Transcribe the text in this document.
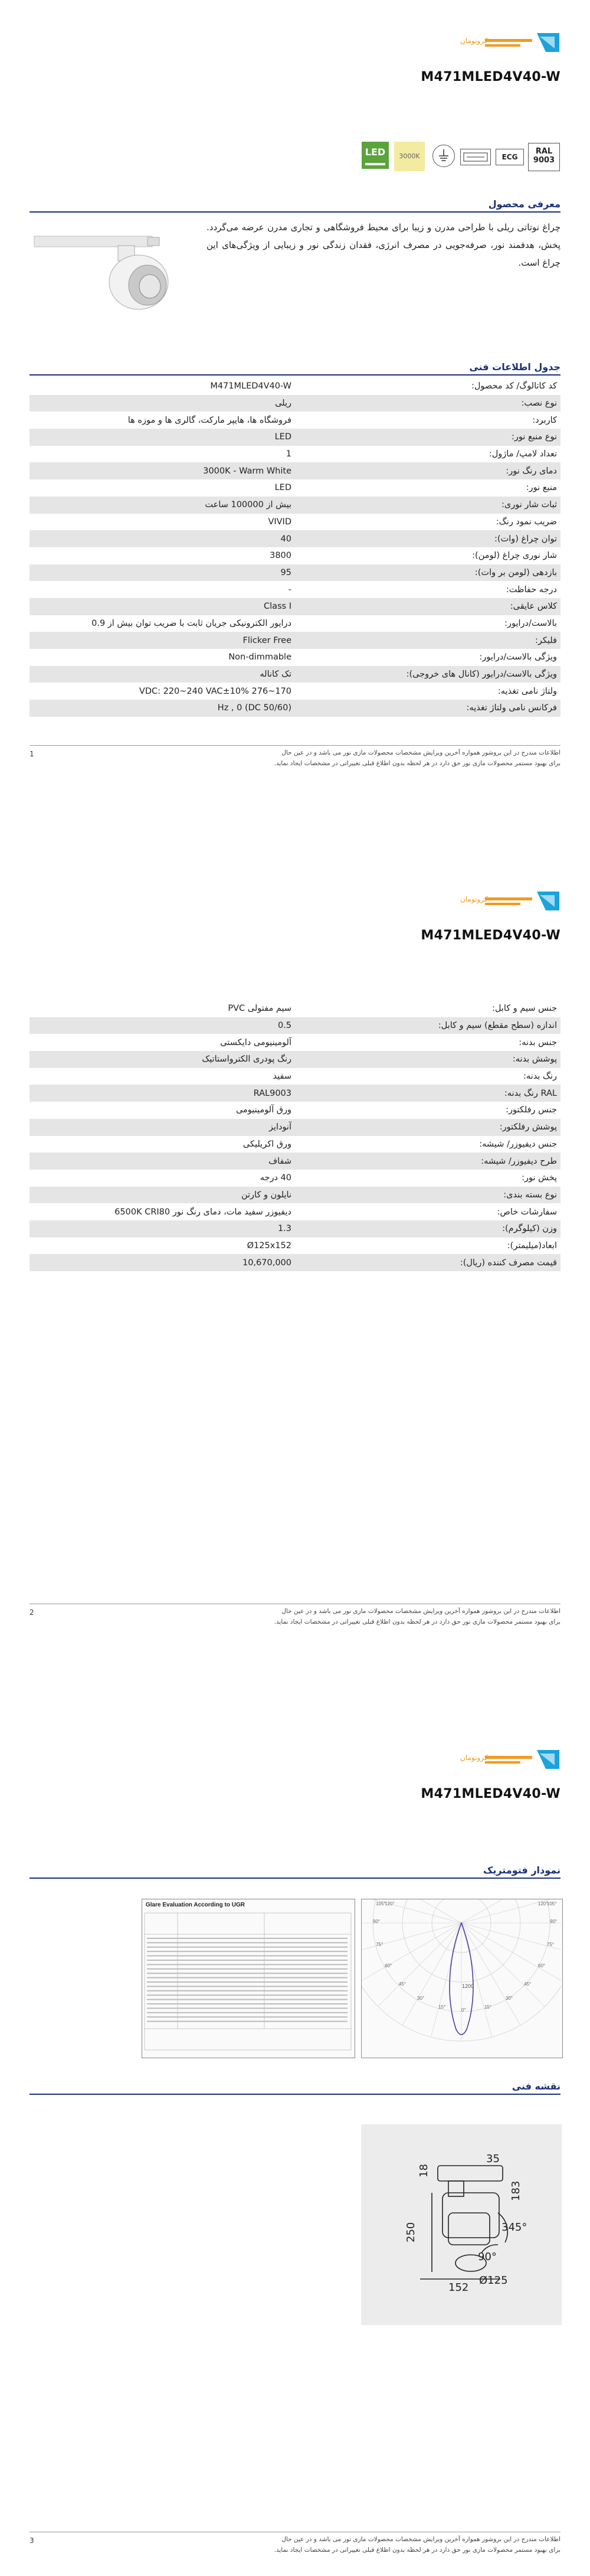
کرونومان
M471MLED4V40-W
LED	3000K	ECG
RAL
9003
معرفی محصول
چراغ نوتاتی ریلی با طراحی مدرن و زیبا برای محیط فروشگاهی و تجاری مدرن عرضه می‌گردد. پخش، هدفمند نور، صرفه‌جویی در مصرف انرژی، فقدان زندگی نور و زیبایی از ویژگی‌های این چراغ است.
جدول اطلاعات فنی
کد کاتالوگ/ کد محصول:	M471MLED4V40-W
نوع نصب:	ریلی
کاربرد:	فروشگاه ها، هایپر مارکت، گالری ها و موزه ها
نوع منبع نور:	LED
تعداد لامپ/ ماژول:	1
دمای رنگ نور:	3000K - Warm White
منبع نور:	LED
ثبات شار نوری:	بیش از 100000 ساعت
ضریب نمود رنگ:	VIVID
توان چراغ (وات):	40
شار نوری چراغ (لومن):	3800
بازدهی (لومن بر وات):	95
درجه حفاظت:	-
کلاس عایقی:	Class I
بالاست/درایور:	درایور الکترونیکی جریان ثابت با ضریب توان بیش از 0.9
فلیکر:	Flicker Free
ویژگی بالاست/درایور:	Non-dimmable
ویژگی بالاست/درایور (کانال های خروجی):	تک کاناله
ولتاژ نامی تغذیه:	VDC: 220~240 VAC±10% 276~170
فرکانس نامی ولتاژ تغذیه:	(Hz , 0 (DC 50/60
اطلاعات مندرج در این بروشور همواره آخرین ویرایش مشخصات محصولات مازی نور می باشد و در عین حال
برای بهبود مستمر محصولات مازی نور حق دارد در هر لحظه بدون اطلاع قبلی تغییراتی در مشخصات ایجاد نماید.
1
کرونومان
M471MLED4V40-W
جنس سیم و کابل:	سیم مفتولی PVC
اندازه (سطح مقطع) سیم و کابل:	0.5
جنس بدنه:	آلومینیومی دایکستی
پوشش بدنه:	رنگ پودری الکترواستاتیک
رنگ بدنه:	سفید
RAL رنگ بدنه:	RAL9003
جنس رفلکتور:	ورق آلومینیومی
پوشش رفلکتور:	آنودایز
جنس دیفیوزر/ شیشه:	ورق اکریلیکی
طرح دیفیوزر/ شیشه:	شفاف
پخش نور:	40 درجه
نوع بسته بندی:	نایلون و کارتن
سفارشات خاص:	دیفیوزر سفید مات، دمای رنگ نور 6500K CRI80
وزن (کیلوگرم):	1.3
ابعاد(میلیمتر):	Ø125x152
قیمت مصرف کننده (ریال):	10,670,000
اطلاعات مندرج در این بروشور همواره آخرین ویرایش مشخصات محصولات مازی نور می باشد و در عین حال
برای بهبود مستمر محصولات مازی نور حق دارد در هر لحظه بدون اطلاع قبلی تغییراتی در مشخصات ایجاد نماید.
2
کرونومان
M471MLED4V40-W
نمودار فتومتریک
Glare Evaluation According to UGR
1200
120°
105°
90°
75°
60°
45°
30°
15°
0°
15°
30°
45°
60°
75°
90°
105°
120°
نقشه فنی
18
35
250
183
345°
90°
Ø125
152
اطلاعات مندرج در این بروشور همواره آخرین ویرایش مشخصات محصولات مازی نور می باشد و در عین حال
برای بهبود مستمر محصولات مازی نور حق دارد در هر لحظه بدون اطلاع قبلی تغییراتی در مشخصات ایجاد نماید.
3
